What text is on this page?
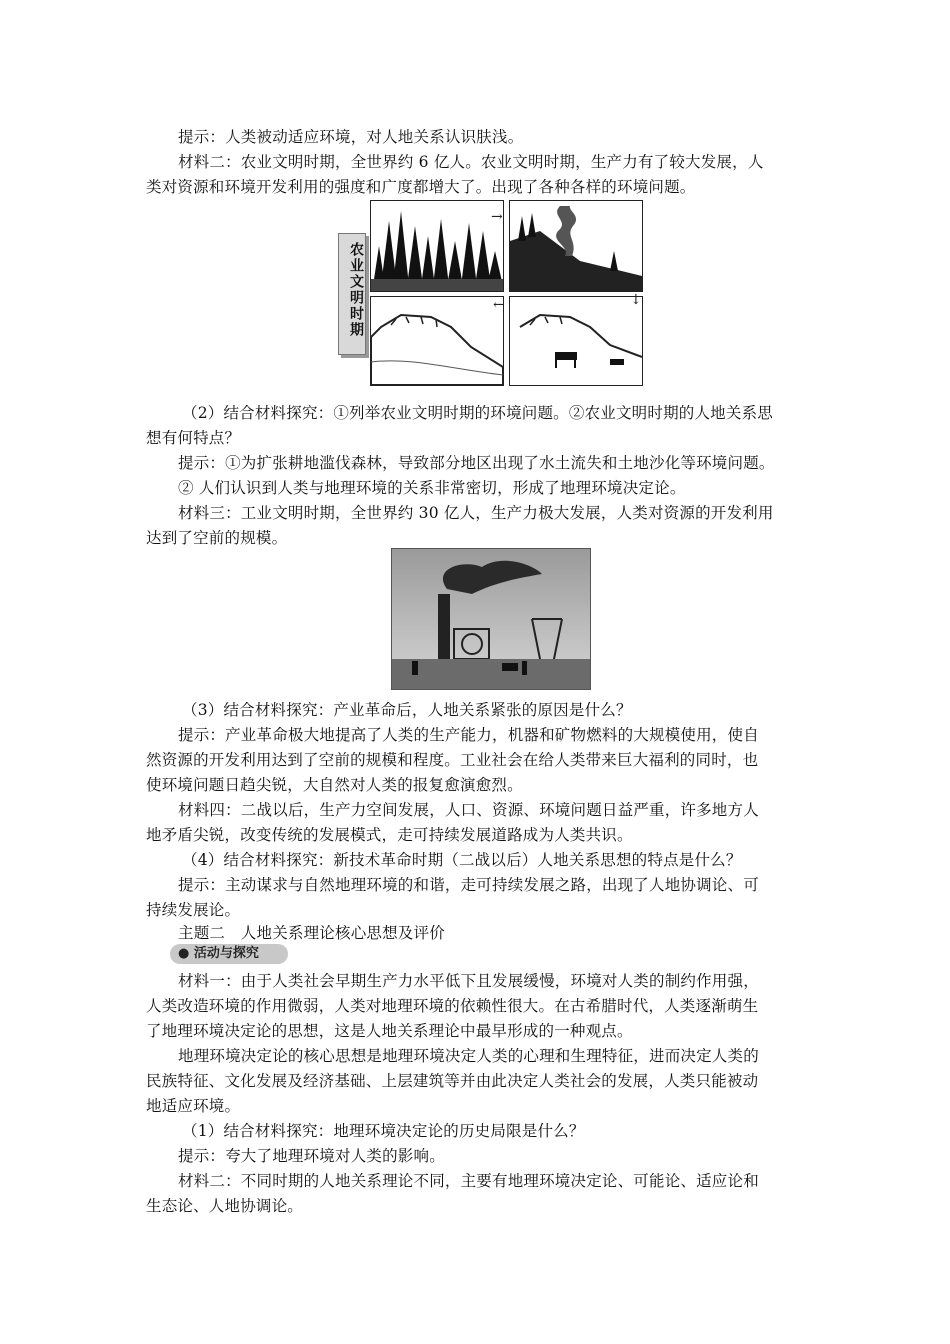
提示：人类被动适应环境，对人地关系认识肤浅。
材料二：农业文明时期，全世界约 6 亿人。农业文明时期，生产力有了较大发展，人
类对资源和环境开发利用的强度和广度都增大了。出现了各种各样的环境问题。
农业文明时期
→
↓
←
（2）结合材料探究：①列举农业文明时期的环境问题。②农业文明时期的人地关系思
想有何特点？
提示：①为扩张耕地滥伐森林，导致部分地区出现了水土流失和土地沙化等环境问题。
② 人们认识到人类与地理环境的关系非常密切，形成了地理环境决定论。
材料三：工业文明时期，全世界约 30 亿人，生产力极大发展，人类对资源的开发利用
达到了空前的规模。
（3）结合材料探究：产业革命后，人地关系紧张的原因是什么？
提示：产业革命极大地提高了人类的生产能力，机器和矿物燃料的大规模使用，使自
然资源的开发利用达到了空前的规模和程度。工业社会在给人类带来巨大福利的同时，也
使环境问题日趋尖锐，大自然对人类的报复愈演愈烈。
材料四：二战以后，生产力空间发展，人口、资源、环境问题日益严重，许多地方人
地矛盾尖锐，改变传统的发展模式，走可持续发展道路成为人类共识。
（4）结合材料探究：新技术革命时期（二战以后）人地关系思想的特点是什么？
提示：主动谋求与自然地理环境的和谐，走可持续发展之路，出现了人地协调论、可
持续发展论。
主题二　人地关系理论核心思想及评价
● 活动与探究
材料一：由于人类社会早期生产力水平低下且发展缓慢，环境对人类的制约作用强，
人类改造环境的作用微弱，人类对地理环境的依赖性很大。在古希腊时代，人类逐渐萌生
了地理环境决定论的思想，这是人地关系理论中最早形成的一种观点。
地理环境决定论的核心思想是地理环境决定人类的心理和生理特征，进而决定人类的
民族特征、文化发展及经济基础、上层建筑等并由此决定人类社会的发展，人类只能被动
地适应环境。
（1）结合材料探究：地理环境决定论的历史局限是什么？
提示：夸大了地理环境对人类的影响。
材料二：不同时期的人地关系理论不同，主要有地理环境决定论、可能论、适应论和
生态论、人地协调论。
